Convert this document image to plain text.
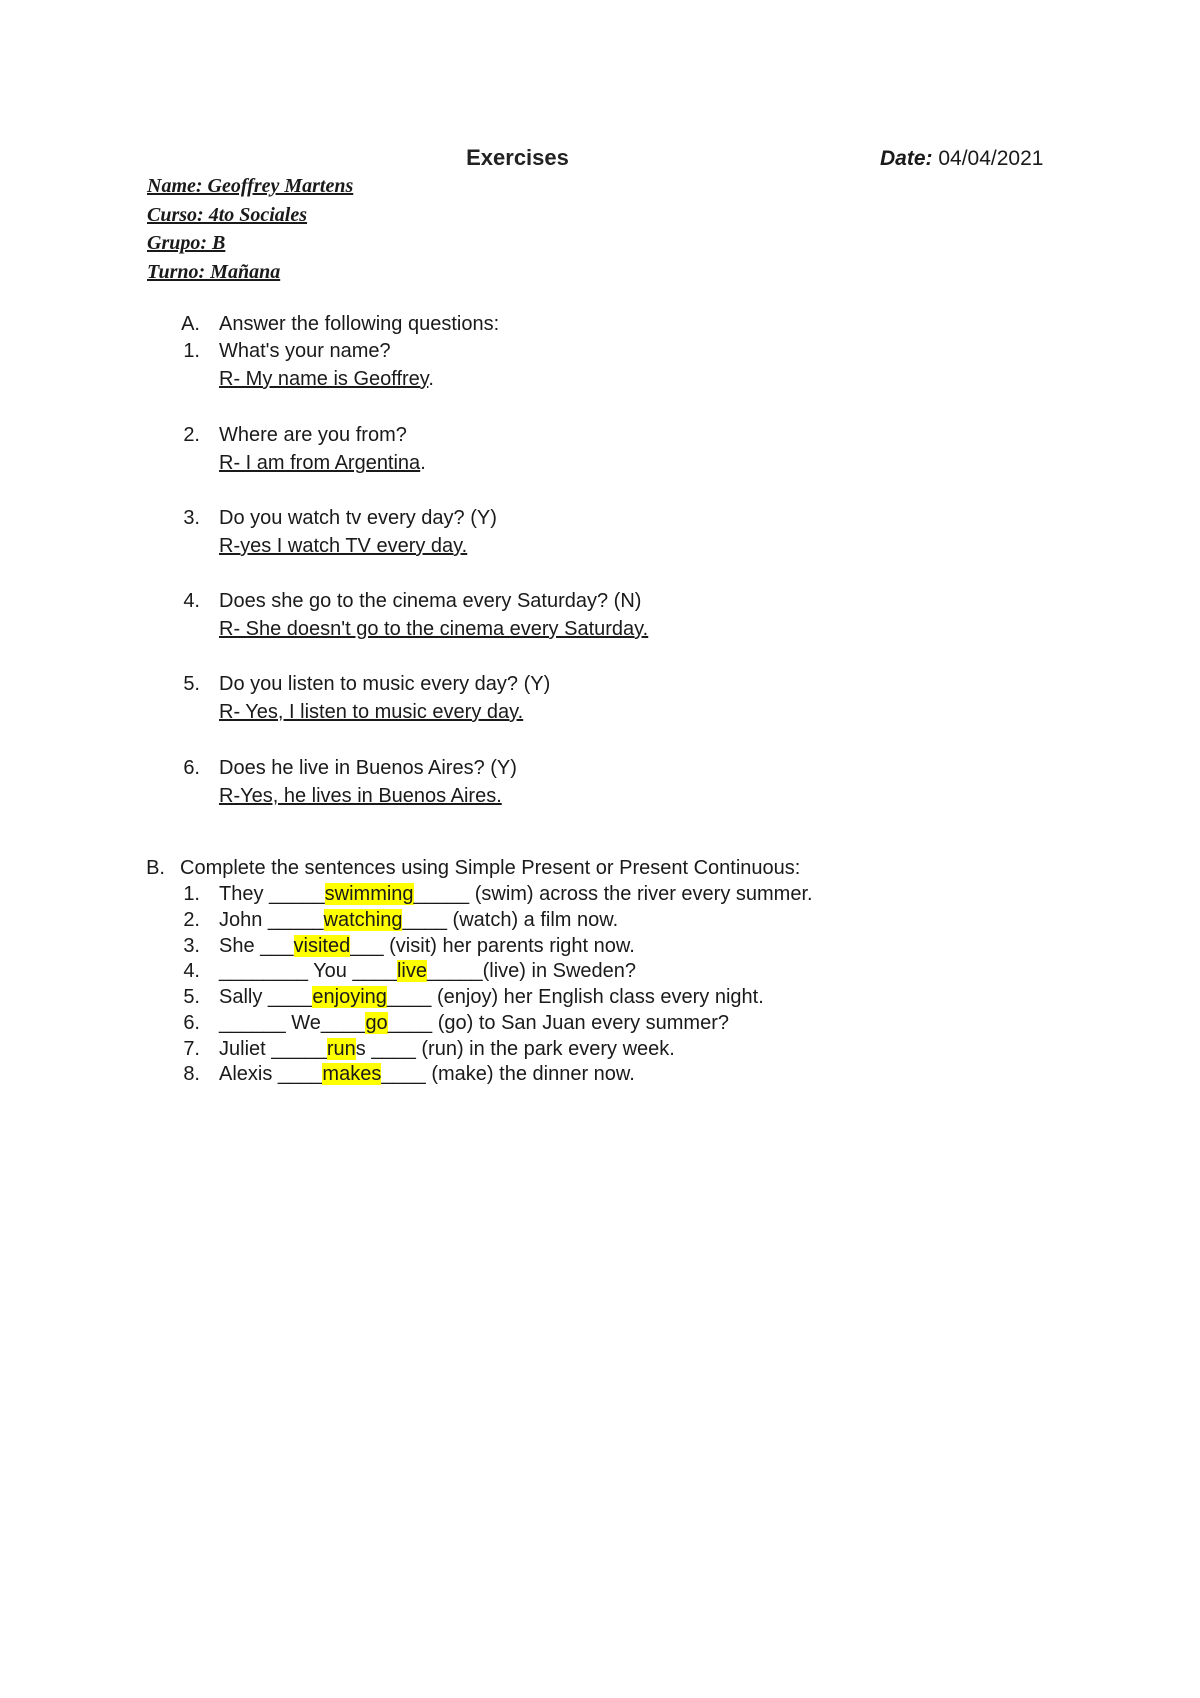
Exercises	Date: 04/04/2021
Name: Geoffrey Martens
Curso: 4to Sociales
Grupo: B
Turno: Mañana
A. Answer the following questions:
1. What's your name?
R- My name is Geoffrey.
2. Where are you from?
R- I am from Argentina.
3. Do you watch tv every day? (Y)
R-yes I watch TV every day.
4. Does she go to the cinema every Saturday? (N)
R- She doesn't go to the cinema every Saturday.
5. Do you listen to music every day? (Y)
R- Yes, I listen to music every day.
6. Does he live in Buenos Aires? (Y)
R-Yes, he lives in Buenos Aires.
B. Complete the sentences using Simple Present or Present Continuous:
1. They _____swimming_____ (swim) across the river every summer.
2. John _____watching____ (watch) a film now.
3. She ___visited___ (visit) her parents right now.
4. ________ You ____live_____(live) in Sweden?
5. Sally ____enjoying____ (enjoy) her English class every night.
6. ______ We____go____ (go) to San Juan every summer?
7. Juliet _____runs ____ (run) in the park every week.
8. Alexis ____makes____ (make) the dinner now.
